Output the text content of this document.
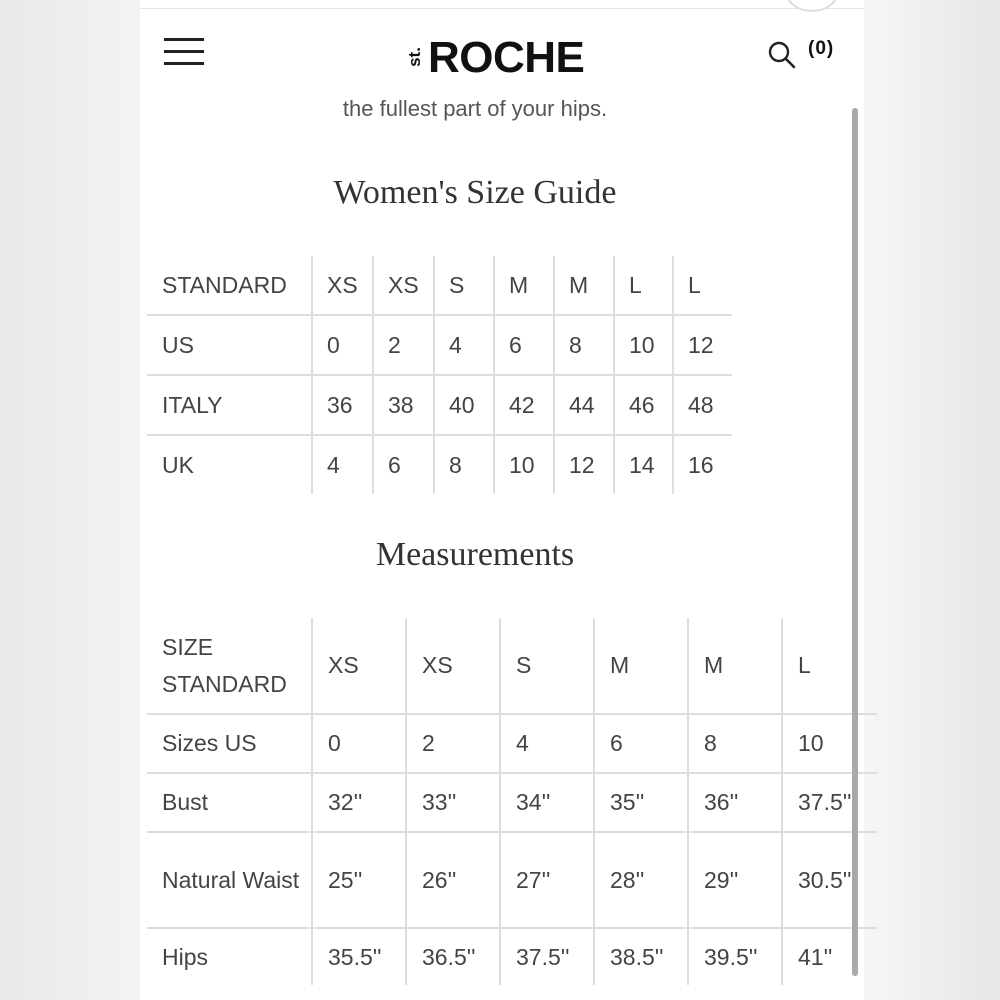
st. ROCHE	(0)
the fullest part of your hips.
Women's Size Guide
STANDARD	XS	XS	S	M	M	L	L
US	0	2	4	6	8	10	12
ITALY	36	38	40	42	44	46	48
UK	4	6	8	10	12	14	16
Measurements
SIZE STANDARD	XS	XS	S	M	M	L
Sizes US	0	2	4	6	8	10
Bust	32''	33''	34''	35''	36''	37.5''
Natural Waist	25''	26''	27''	28''	29''	30.5''
Hips	35.5''	36.5''	37.5''	38.5''	39.5''	41''
